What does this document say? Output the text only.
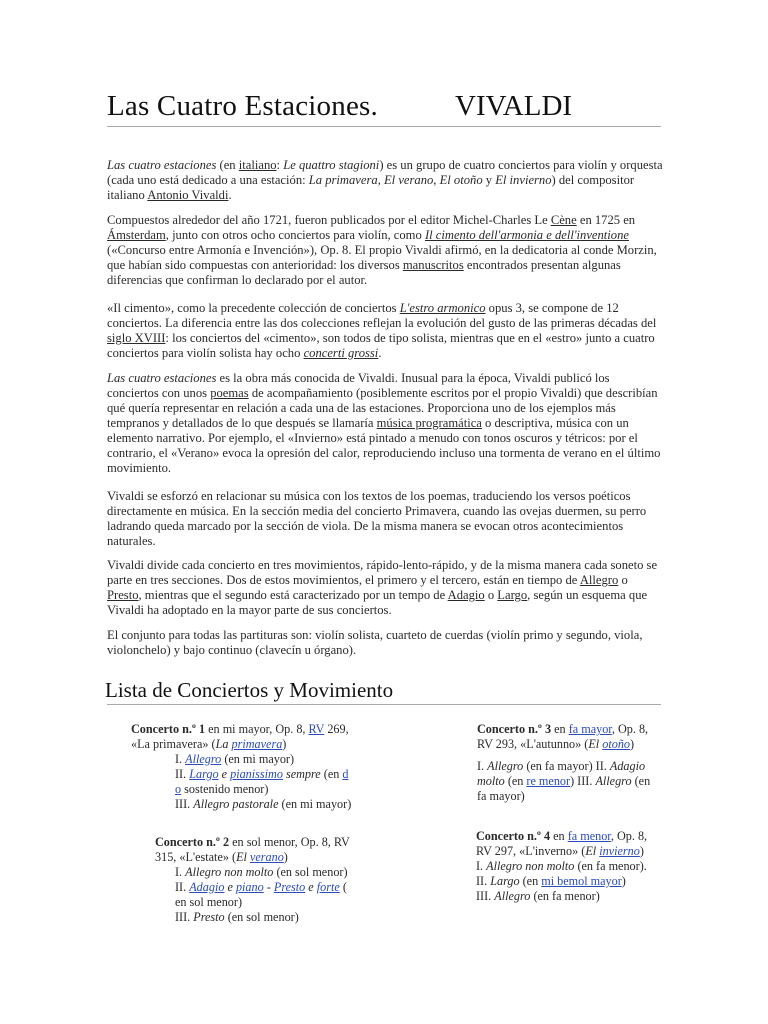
Las Cuatro Estaciones.	VIVALDI

Las cuatro estaciones (en italiano: Le quattro stagioni) es un grupo de cuatro conciertos para violín y orquesta (cada uno está dedicado a una estación: La primavera, El verano, El otoño y El invierno) del compositor italiano Antonio Vivaldi.

Compuestos alrededor del año 1721, fueron publicados por el editor Michel-Charles Le Cène en 1725 en Ámsterdam, junto con otros ocho conciertos para violín, como Il cimento dell'armonia e dell'inventione («Concurso entre Armonía e Invención»), Op. 8. El propio Vivaldi afirmó, en la dedicatoria al conde Morzin, que habían sido compuestas con anterioridad: los diversos manuscritos encontrados presentan algunas diferencias que confirman lo declarado por el autor.

«Il cimento», como la precedente colección de conciertos L'estro armonico opus 3, se compone de 12 conciertos. La diferencia entre las dos colecciones reflejan la evolución del gusto de las primeras décadas del siglo XVIII: los conciertos del «cimento», son todos de tipo solista, mientras que en el «estro» junto a cuatro conciertos para violín solista hay ocho concerti grossi.

Las cuatro estaciones es la obra más conocida de Vivaldi. Inusual para la época, Vivaldi publicó los conciertos con unos poemas de acompañamiento (posiblemente escritos por el propio Vivaldi) que describían qué quería representar en relación a cada una de las estaciones. Proporciona uno de los ejemplos más tempranos y detallados de lo que después se llamaría música programática o descriptiva, música con un elemento narrativo. Por ejemplo, el «Invierno» está pintado a menudo con tonos oscuros y tétricos: por el contrario, el «Verano» evoca la opresión del calor, reproduciendo incluso una tormenta de verano en el último movimiento.

Vivaldi se esforzó en relacionar su música con los textos de los poemas, traduciendo los versos poéticos directamente en música. En la sección media del concierto Primavera, cuando las ovejas duermen, su perro ladrando queda marcado por la sección de viola. De la misma manera se evocan otros acontecimientos naturales.

Vivaldi divide cada concierto en tres movimientos, rápido-lento-rápido, y de la misma manera cada soneto se parte en tres secciones. Dos de estos movimientos, el primero y el tercero, están en tiempo de Allegro o Presto, mientras que el segundo está caracterizado por un tempo de Adagio o Largo, según un esquema que Vivaldi ha adoptado en la mayor parte de sus conciertos.

El conjunto para todas las partituras son: violín solista, cuarteto de cuerdas (violín primo y segundo, viola, violonchelo) y bajo continuo (clavecín u órgano).

Lista de Conciertos y Movimiento
Concerto n.º 1 en mi mayor, Op. 8, RV 269,
«La primavera» (La primavera)
I. Allegro (en mi mayor)
II. Largo e pianissimo sempre (en d
o sostenido menor)
III. Allegro pastorale (en mi mayor)
Concerto n.º 2 en sol menor, Op. 8, RV
315, «L'estate» (El verano)
I. Allegro non molto (en sol menor)
II. Adagio e piano - Presto e forte (
en sol menor)
III. Presto (en sol menor)
Concerto n.º 3 en fa mayor, Op. 8,
RV 293, «L'autunno» (El otoño)
I. Allegro (en fa mayor) II. Adagio
molto (en re menor) III. Allegro (en
fa mayor)
Concerto n.º 4 en fa menor, Op. 8,
RV 297, «L'inverno» (El invierno)
I. Allegro non molto (en fa menor).
II. Largo (en mi bemol mayor)
III. Allegro (en fa menor)
